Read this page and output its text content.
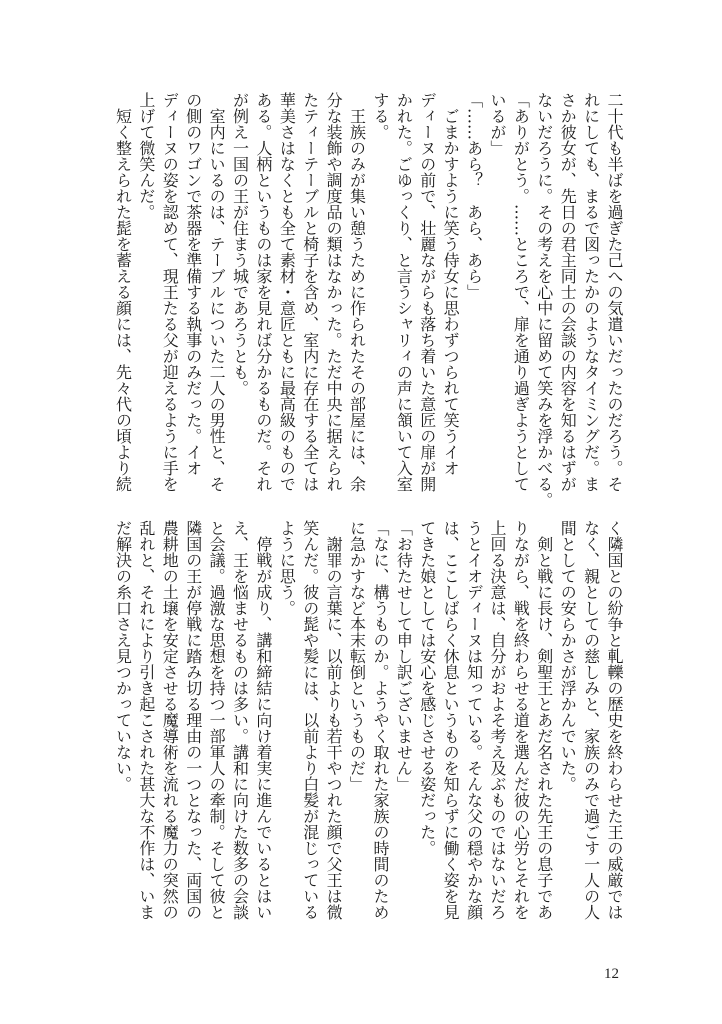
二十代も半ばを過ぎた己への気遣いだったのだろう。そ
れにしても、まるで図ったかのようなタイミングだ。ま
さか彼女が、先日の君主同士の会談の内容を知るはずが
ないだろうに。その考えを心中に留めて笑みを浮かべる。
「ありがとう。……ところで、扉を通り過ぎようとして
いるが」
「……あら？　あら、あら」
　ごまかすように笑う侍女に思わずつられて笑うイオ
ディーヌの前で、壮麗ながらも落ち着いた意匠の扉が開
かれた。ごゆっくり、と言うシャリィの声に頷いて入室
する。
　王族のみが集い憩うために作られたその部屋には、余
分な装飾や調度品の類はなかった。ただ中央に据えられ
たティーテーブルと椅子を含め、室内に存在する全ては
華美さはなくとも全て素材・意匠ともに最高級のもので
ある。人柄というものは家を見れば分かるものだ。それ
が例え一国の王が住まう城であろうとも。
　室内にいるのは、テーブルについた二人の男性と、そ
の側のワゴンで茶器を準備する執事のみだった。イオ
ディーヌの姿を認めて、現王たる父が迎えるように手を
上げて微笑んだ。
　短く整えられた髭を蓄える顔には、先々代の頃より続
く隣国との紛争と軋轢の歴史を終わらせた王の威厳では
なく、親としての慈しみと、家族のみで過ごす一人の人
間としての安らかさが浮かんでいた。
　剣と戦に長け、剣聖王とあだ名された先王の息子であ
りながら、戦を終わらせる道を選んだ彼の心労とそれを
上回る決意は、自分がおよそ考え及ぶものではないだろ
うとイオディーヌは知っている。そんな父の穏やかな顔
は、ここしばらく休息というものを知らずに働く姿を見
てきた娘としては安心を感じさせる姿だった。
「お待たせして申し訳ございません」
「なに、構うものか。ようやく取れた家族の時間のため
に急かすなど本末転倒というものだ」
　謝罪の言葉に、以前よりも若干やつれた顔で父王は微
笑んだ。彼の髭や髪には、以前より白髪が混じっている
ように思う。
　停戦が成り、講和締結に向け着実に進んでいるとはい
え、王を悩ませるものは多い。講和に向けた数多の会談
と会議。過激な思想を持つ一部軍人の牽制。そして彼と
隣国の王が停戦に踏み切る理由の一つとなった、両国の
農耕地の土壌を安定させる魔導術を流れる魔力の突然の
乱れと、それにより引き起こされた甚大な不作は、いま
だ解決の糸口さえ見つかっていない。
12
